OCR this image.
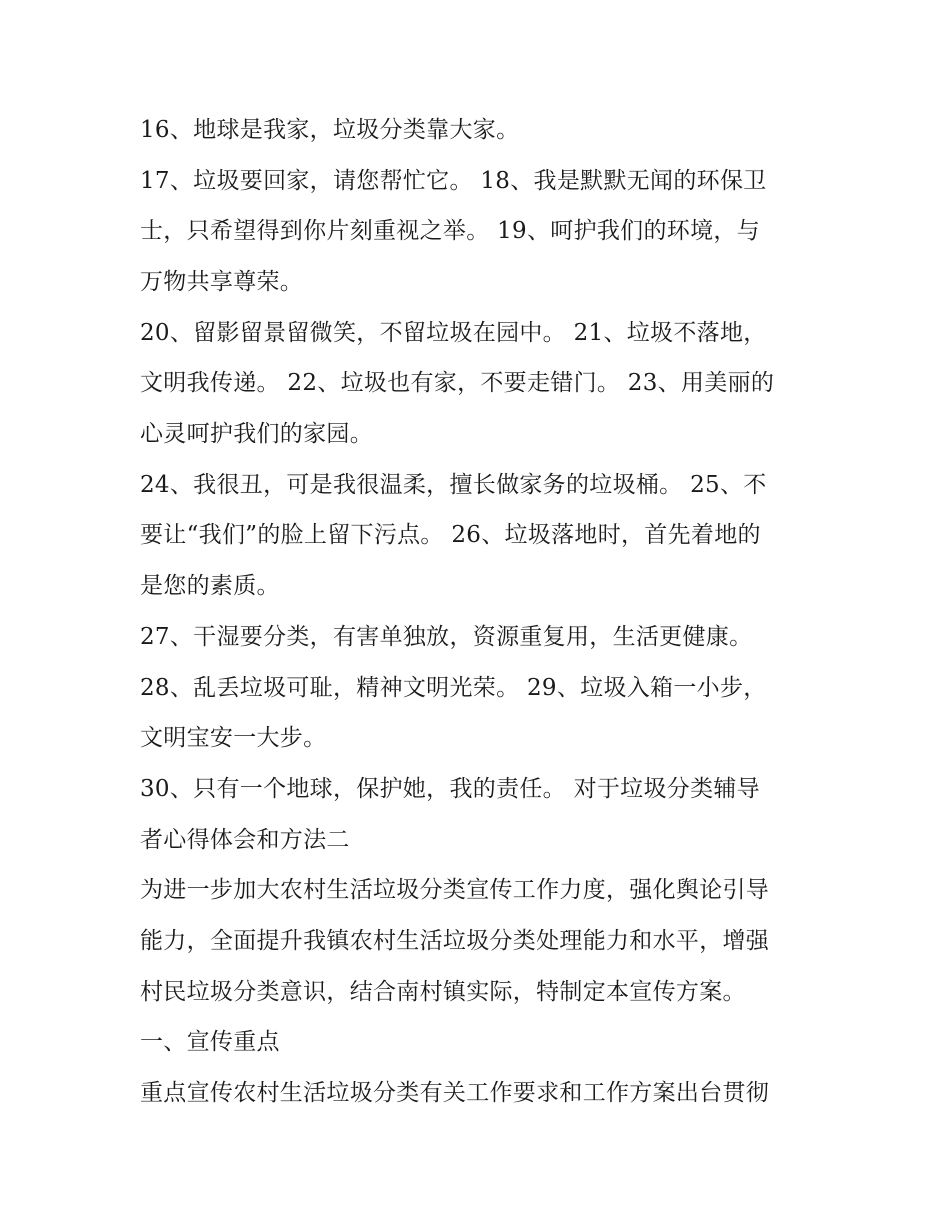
16、地球是我家，垃圾分类靠大家。
17、垃圾要回家，请您帮忙它。 18、我是默默无闻的环保卫
士，只希望得到你片刻重视之举。 19、呵护我们的环境，与
万物共享尊荣。
20、留影留景留微笑，不留垃圾在园中。 21、垃圾不落地，
文明我传递。 22、垃圾也有家，不要走错门。 23、用美丽的
心灵呵护我们的家园。
24、我很丑，可是我很温柔，擅长做家务的垃圾桶。 25、不
要让“我们”的脸上留下污点。 26、垃圾落地时，首先着地的
是您的素质。
27、干湿要分类，有害单独放，资源重复用，生活更健康。
28、乱丢垃圾可耻，精神文明光荣。 29、垃圾入箱一小步，
文明宝安一大步。
30、只有一个地球，保护她，我的责任。 对于垃圾分类辅导
者心得体会和方法二
为进一步加大农村生活垃圾分类宣传工作力度，强化舆论引导
能力，全面提升我镇农村生活垃圾分类处理能力和水平，增强
村民垃圾分类意识，结合南村镇实际，特制定本宣传方案。
一、宣传重点
重点宣传农村生活垃圾分类有关工作要求和工作方案出台贯彻
